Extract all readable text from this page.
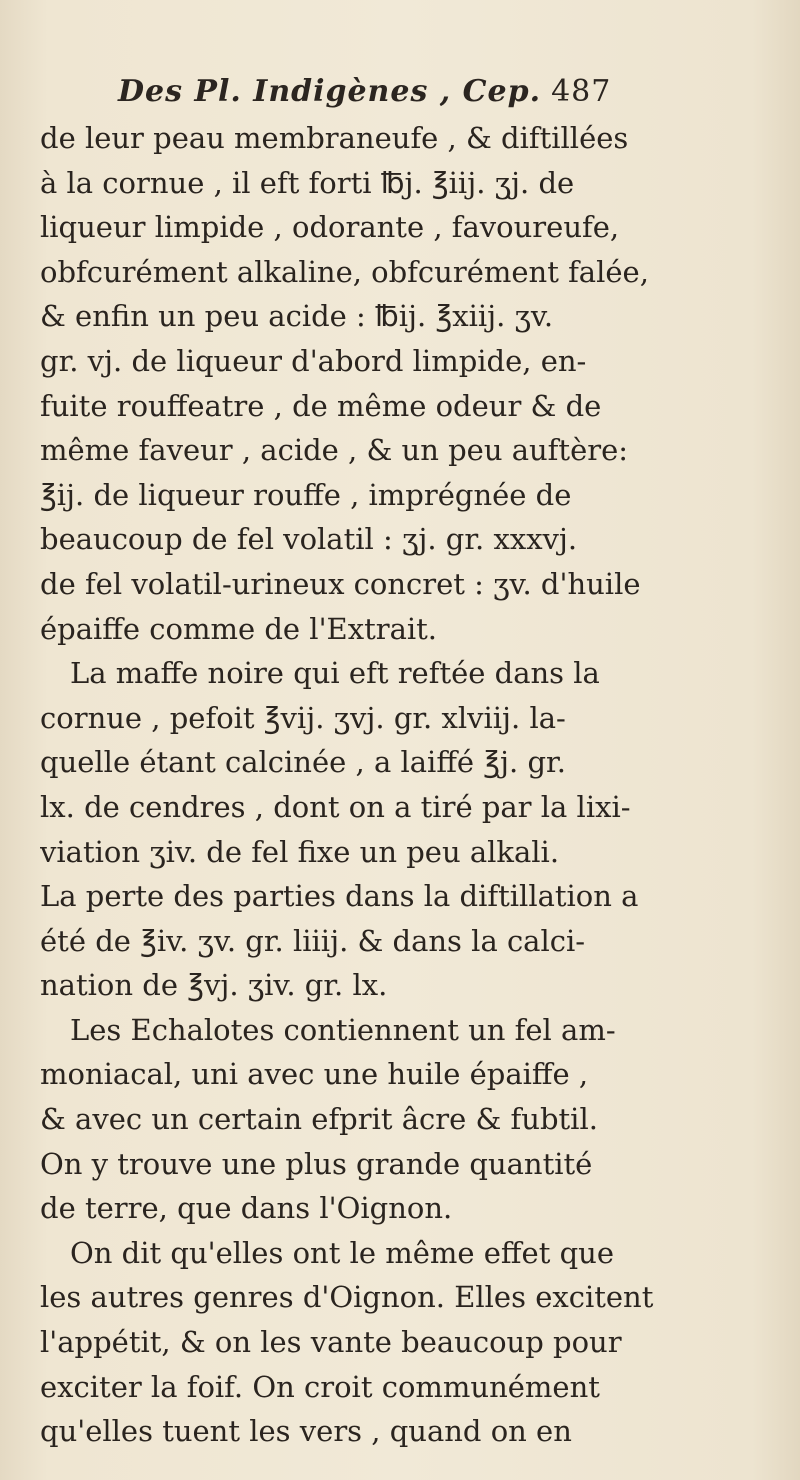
Des Pl. Indigènes , Cep. 487
de leur peau membraneufe , & diftillées
à la cornue , il eft forti ℔j. ℥iij. ʒj. de
liqueur limpide , odorante , favoureufe,
obfcurément alkaline, obfcurément falée,
& enfin un peu acide : ℔ij. ℥xiij. ʒv.
gr. vj. de liqueur d'abord limpide, en-
fuite rouffeatre , de même odeur & de
même faveur , acide , & un peu auftère:
℥ij. de liqueur rouffe , imprégnée de
beaucoup de fel volatil : ʒj. gr. xxxvj.
de fel volatil-urineux concret : ʒv. d'huile
épaiffe comme de l'Extrait.
La maffe noire qui eft reftée dans la
cornue , pefoit ℥vij. ʒvj. gr. xlviij. la-
quelle étant calcinée , a laiffé ℥j. gr.
lx. de cendres , dont on a tiré par la lixi-
viation ʒiv. de fel fixe un peu alkali.
La perte des parties dans la diftillation a
été de ℥iv. ʒv. gr. liiij. & dans la calci-
nation de ℥vj. ʒiv. gr. lx.
Les Echalotes contiennent un fel am-
moniacal, uni avec une huile épaiffe ,
& avec un certain efprit âcre & fubtil.
On y trouve une plus grande quantité
de terre, que dans l'Oignon.
On dit qu'elles ont le même effet que
les autres genres d'Oignon. Elles excitent
l'appétit, & on les vante beaucoup pour
exciter la foif. On croit communément
qu'elles tuent les vers , quand on en
